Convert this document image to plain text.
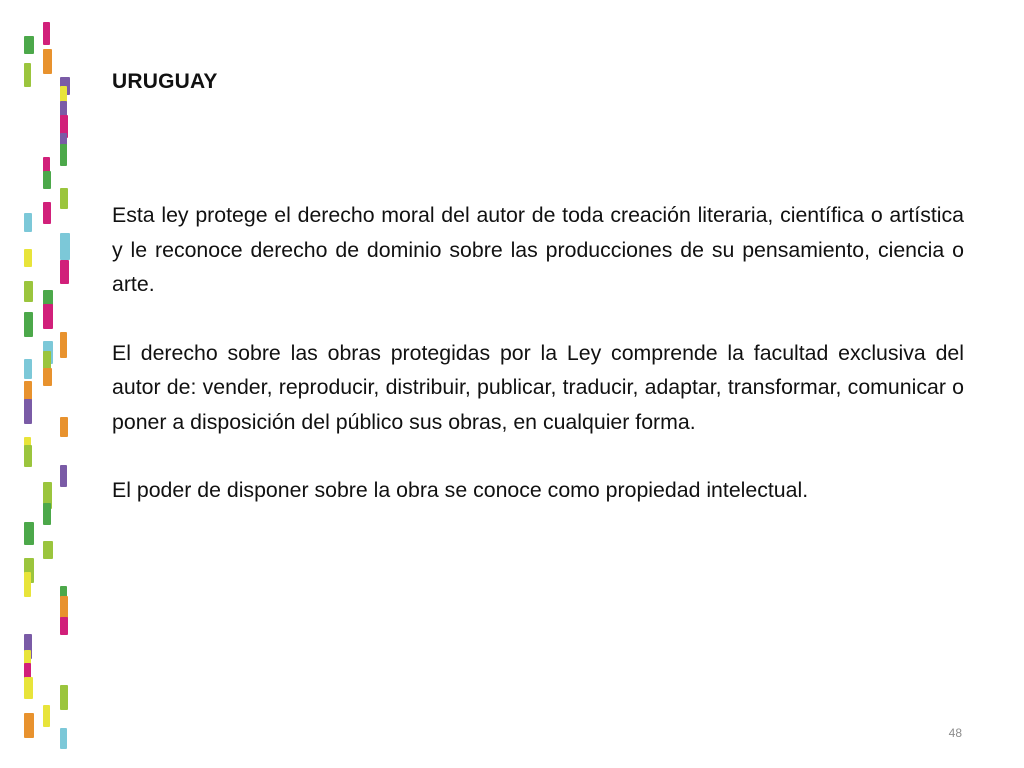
URUGUAY

Esta ley protege el derecho moral del autor de toda creación literaria, científica o artística y le reconoce derecho de dominio sobre las producciones de su pensamiento, ciencia o arte.

El derecho sobre las obras protegidas por la Ley comprende la facultad exclusiva del autor de: vender, reproducir, distribuir, publicar, traducir, adaptar, transformar, comunicar o poner a disposición del público sus obras, en cualquier forma.

El poder de disponer sobre la obra se conoce como propiedad intelectual.

48
